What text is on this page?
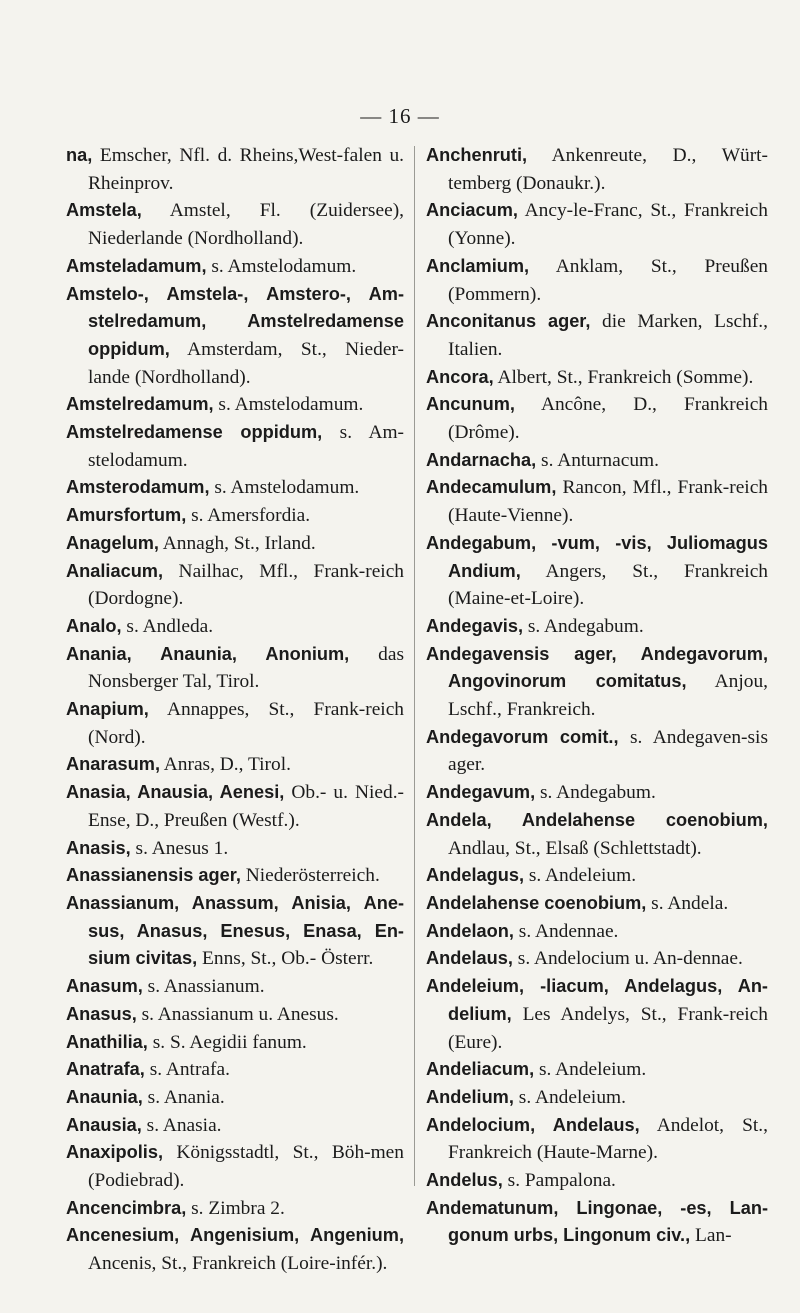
— 16 —

na, Emscher, Nfl. d. Rheins,West-falen u. Rheinprov.

Amstela, Amstel, Fl. (Zuidersee), Niederlande (Nordholland).

Amsteladamum, s. Amstelodamum.

Amstelo-, Amstela-, Amstero-, Am-stelredamum, Amstelredamense oppidum, Amsterdam, St., Nieder-lande (Nordholland).

Amstelredamum, s. Amstelodamum.

Amstelredamense oppidum, s. Am-stelodamum.

Amsterodamum, s. Amstelodamum.

Amursfortum, s. Amersfordia.

Anagelum, Annagh, St., Irland.

Analiacum, Nailhac, Mfl., Frank-reich (Dordogne).

Analo, s. Andleda.

Anania, Anaunia, Anonium, das Nonsberger Tal, Tirol.

Anapium, Annappes, St., Frank-reich (Nord).

Anarasum, Anras, D., Tirol.

Anasia, Anausia, Aenesi, Ob.- u. Nied.-Ense, D., Preußen (Westf.).

Anasis, s. Anesus 1.

Anassianensis ager, Niederösterreich.

Anassianum, Anassum, Anisia, Ane-sus, Anasus, Enesus, Enasa, En-sium civitas, Enns, St., Ob.- Österr.

Anasum, s. Anassianum.

Anasus, s. Anassianum u. Anesus.

Anathilia, s. S. Aegidii fanum.

Anatrafa, s. Antrafa.

Anaunia, s. Anania.

Anausia, s. Anasia.

Anaxipolis, Königsstadtl, St., Böh-men (Podiebrad).

Ancencimbra, s. Zimbra 2.

Ancenesium, Angenisium, Angenium, Ancenis, St., Frankreich (Loire-infér.).

Anchenruti, Ankenreute, D., Würt-temberg (Donaukr.).

Anciacum, Ancy-le-Franc, St., Frankreich (Yonne).

Anclamium, Anklam, St., Preußen (Pommern).

Anconitanus ager, die Marken, Lschf., Italien.

Ancora, Albert, St., Frankreich (Somme).

Ancunum, Ancône, D., Frankreich (Drôme).

Andarnacha, s. Anturnacum.

Andecamulum, Rancon, Mfl., Frank-reich (Haute-Vienne).

Andegabum, -vum, -vis, Juliomagus Andium, Angers, St., Frankreich (Maine-et-Loire).

Andegavis, s. Andegabum.

Andegavensis ager, Andegavorum, Angovinorum comitatus, Anjou, Lschf., Frankreich.

Andegavorum comit., s. Andegaven-sis ager.

Andegavum, s. Andegabum.

Andela, Andelahense coenobium, Andlau, St., Elsaß (Schlettstadt).

Andelagus, s. Andeleium.

Andelahense coenobium, s. Andela.

Andelaon, s. Andennae.

Andelaus, s. Andelocium u. An-dennae.

Andeleium, -liacum, Andelagus, An-delium, Les Andelys, St., Frank-reich (Eure).

Andeliacum, s. Andeleium.

Andelium, s. Andeleium.

Andelocium, Andelaus, Andelot, St., Frankreich (Haute-Marne).

Andelus, s. Pampalona.

Andematunum, Lingonae, -es, Lan-gonum urbs, Lingonum civ., Lan-
